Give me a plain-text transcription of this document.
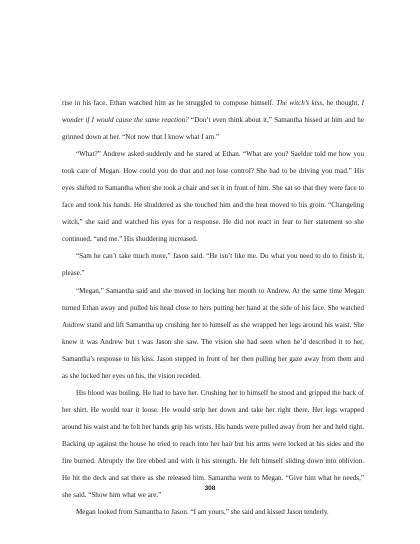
rise in his face. Ethan watched him as he struggled to compose himself. The witch’s kiss, he thought, I wonder if I would cause the same reaction? “Don’t even think about it,” Samantha hissed at him and he grinned down at her. “Not now that I know what I am.”

“What?” Andrew asked suddenly and he stared at Ethan. “What are you? Saeldur told me how you took care of Megan. How could you do that and not lose control? She had to be driving you mad.” His eyes shifted to Samantha when she took a chair and set it in front of him. She sat so that they were face to face and took his hands. He shuddered as she touched him and the heat moved to his groin. “Changeling witch,” she said and watched his eyes for a response. He did not react in fear to her statement so she continued, “and me.” His shuddering increased.

“Sam he can’t take much more,” Jason said. “He isn’t like me. Do what you need to do to finish it, please.”

“Megan,” Samantha said and she moved in locking her mouth to Andrew. At the same time Megan turned Ethan away and pulled his head close to hers putting her hand at the side of his face. She watched Andrew stand and lift Samantha up crushing her to himself as she wrapped her legs around his waist. She knew it was Andrew but t was Jason she saw. The vision she had seen when he’d described it to her, Samantha’s response to his kiss. Jason stepped in front of her then pulling her gaze away from them and as she locked her eyes on his, the vision receded.

His blood was boiling. He had to have her. Crushing her to himself he stood and gripped the back of her shirt. He would tear it loose. He would strip her down and take her right there. Her legs wrapped around his waist and he felt her hands grip his wrists. His hands were pulled away from her and held tight. Backing up against the house he tried to reach into her hair but his arms were locked at his sides and the fire burned. Abruptly the fire ebbed and with it his strength. He felt himself sliding down into oblivion. He hit the deck and sat there as she released him. Samantha went to Megan. “Give him what he needs,” she said. “Show him what we are.”

Megan looked from Samantha to Jason. “I am yours,” she said and kissed Jason tenderly.

308
